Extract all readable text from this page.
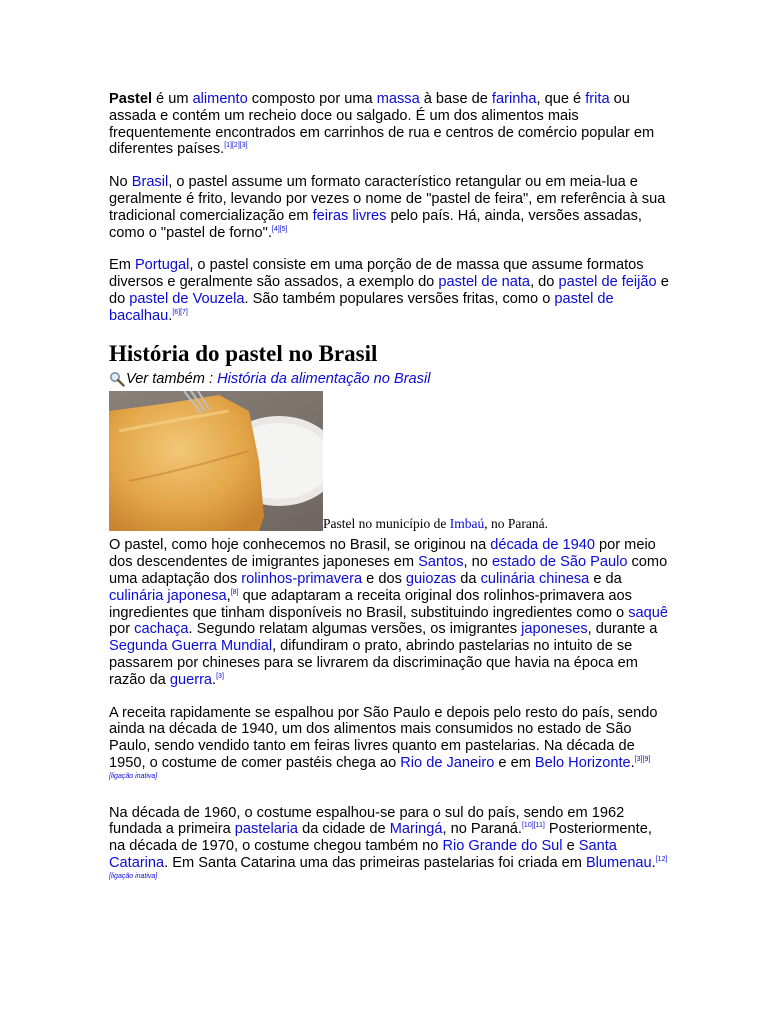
Pastel é um alimento composto por uma massa à base de farinha, que é frita ou assada e contém um recheio doce ou salgado. É um dos alimentos mais frequentemente encontrados em carrinhos de rua e centros de comércio popular em diferentes países.[1][2][3]

No Brasil, o pastel assume um formato característico retangular ou em meia-lua e geralmente é frito, levando por vezes o nome de "pastel de feira", em referência à sua tradicional comercialização em feiras livres pelo país. Há, ainda, versões assadas, como o "pastel de forno".[4][5]

Em Portugal, o pastel consiste em uma porção de de massa que assume formatos diversos e geralmente são assados, a exemplo do pastel de nata, do pastel de feijão e do pastel de Vouzela. São também populares versões fritas, como o pastel de bacalhau.[6][7]

História do pastel no Brasil
Ver também :
História da alimentação no Brasil
Pastel no município de Imbaú, no Paraná.

O pastel, como hoje conhecemos no Brasil, se originou na década de 1940 por meio dos descendentes de imigrantes japoneses em Santos, no estado de São Paulo como uma adaptação dos rolinhos-primavera e dos guiozas da culinária chinesa e da culinária japonesa,[8] que adaptaram a receita original dos rolinhos-primavera aos ingredientes que tinham disponíveis no Brasil, substituindo ingredientes como o saquê por cachaça. Segundo relatam algumas versões, os imigrantes japoneses, durante a Segunda Guerra Mundial, difundiram o prato, abrindo pastelarias no intuito de se passarem por chineses para se livrarem da discriminação que havia na época em razão da guerra.[3]

A receita rapidamente se espalhou por São Paulo e depois pelo resto do país, sendo ainda na década de 1940, um dos alimentos mais consumidos no estado de São Paulo, sendo vendido tanto em feiras livres quanto em pastelarias. Na década de 1950, o costume de comer pastéis chega ao Rio de Janeiro e em Belo Horizonte.[3][9][ligação inativa]

Na década de 1960, o costume espalhou-se para o sul do país, sendo em 1962 fundada a primeira pastelaria da cidade de Maringá, no Paraná.[10][11] Posteriormente, na década de 1970, o costume chegou também no Rio Grande do Sul e Santa Catarina. Em Santa Catarina uma das primeiras pastelarias foi criada em Blumenau.[12][ligação inativa]
